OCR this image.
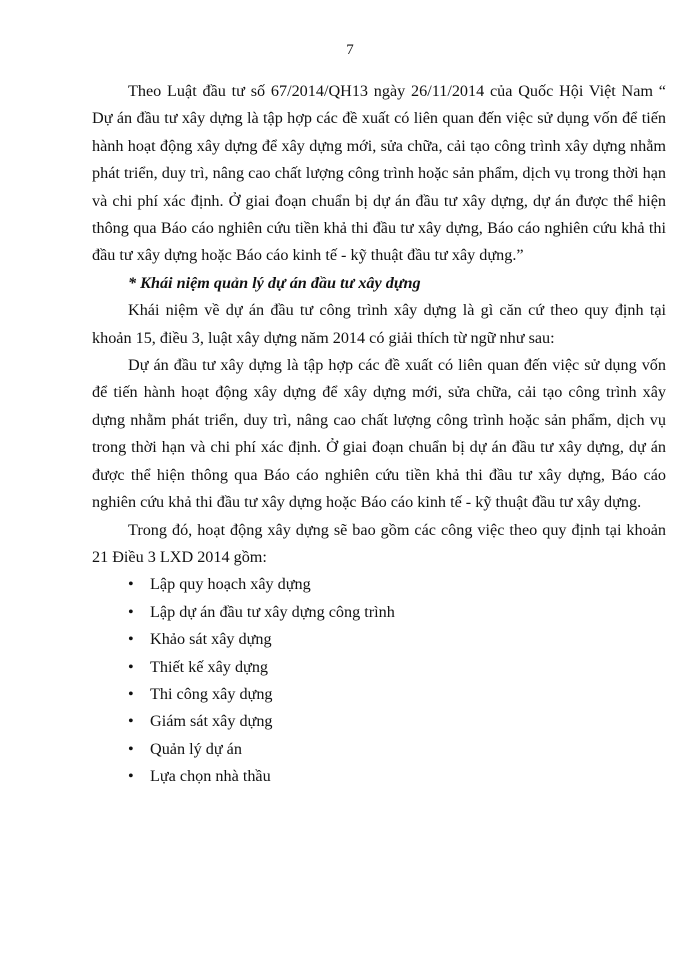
7

Theo Luật đầu tư số 67/2014/QH13 ngày 26/11/2014 của Quốc Hội Việt Nam “ Dự án đầu tư xây dựng là tập hợp các đề xuất có liên quan đến việc sử dụng vốn để tiến hành hoạt động xây dựng để xây dựng mới, sửa chữa, cải tạo công trình xây dựng nhằm phát triển, duy trì, nâng cao chất lượng công trình hoặc sản phẩm, dịch vụ trong thời hạn và chi phí xác định. Ở giai đoạn chuẩn bị dự án đầu tư xây dựng, dự án được thể hiện thông qua Báo cáo nghiên cứu tiền khả thi đầu tư xây dựng, Báo cáo nghiên cứu khả thi đầu tư xây dựng hoặc Báo cáo kinh tế - kỹ thuật đầu tư xây dựng.”

* Khái niệm quản lý dự án đầu tư xây dựng

Khái niệm về dự án đầu tư công trình xây dựng là gì căn cứ theo quy định tại khoản 15, điều 3, luật xây dựng năm 2014 có giải thích từ ngữ như sau:

Dự án đầu tư xây dựng là tập hợp các đề xuất có liên quan đến việc sử dụng vốn để tiến hành hoạt động xây dựng để xây dựng mới, sửa chữa, cải tạo công trình xây dựng nhằm phát triển, duy trì, nâng cao chất lượng công trình hoặc sản phẩm, dịch vụ trong thời hạn và chi phí xác định. Ở giai đoạn chuẩn bị dự án đầu tư xây dựng, dự án được thể hiện thông qua Báo cáo nghiên cứu tiền khả thi đầu tư xây dựng, Báo cáo nghiên cứu khả thi đầu tư xây dựng hoặc Báo cáo kinh tế - kỹ thuật đầu tư xây dựng.

Trong đó, hoạt động xây dựng sẽ bao gồm các công việc theo quy định tại khoản 21 Điều 3 LXD 2014 gồm:

• Lập quy hoạch xây dựng
• Lập dự án đầu tư xây dựng công trình
• Khảo sát xây dựng
• Thiết kế xây dựng
• Thi công xây dựng
• Giám sát xây dựng
• Quản lý dự án
• Lựa chọn nhà thầu
